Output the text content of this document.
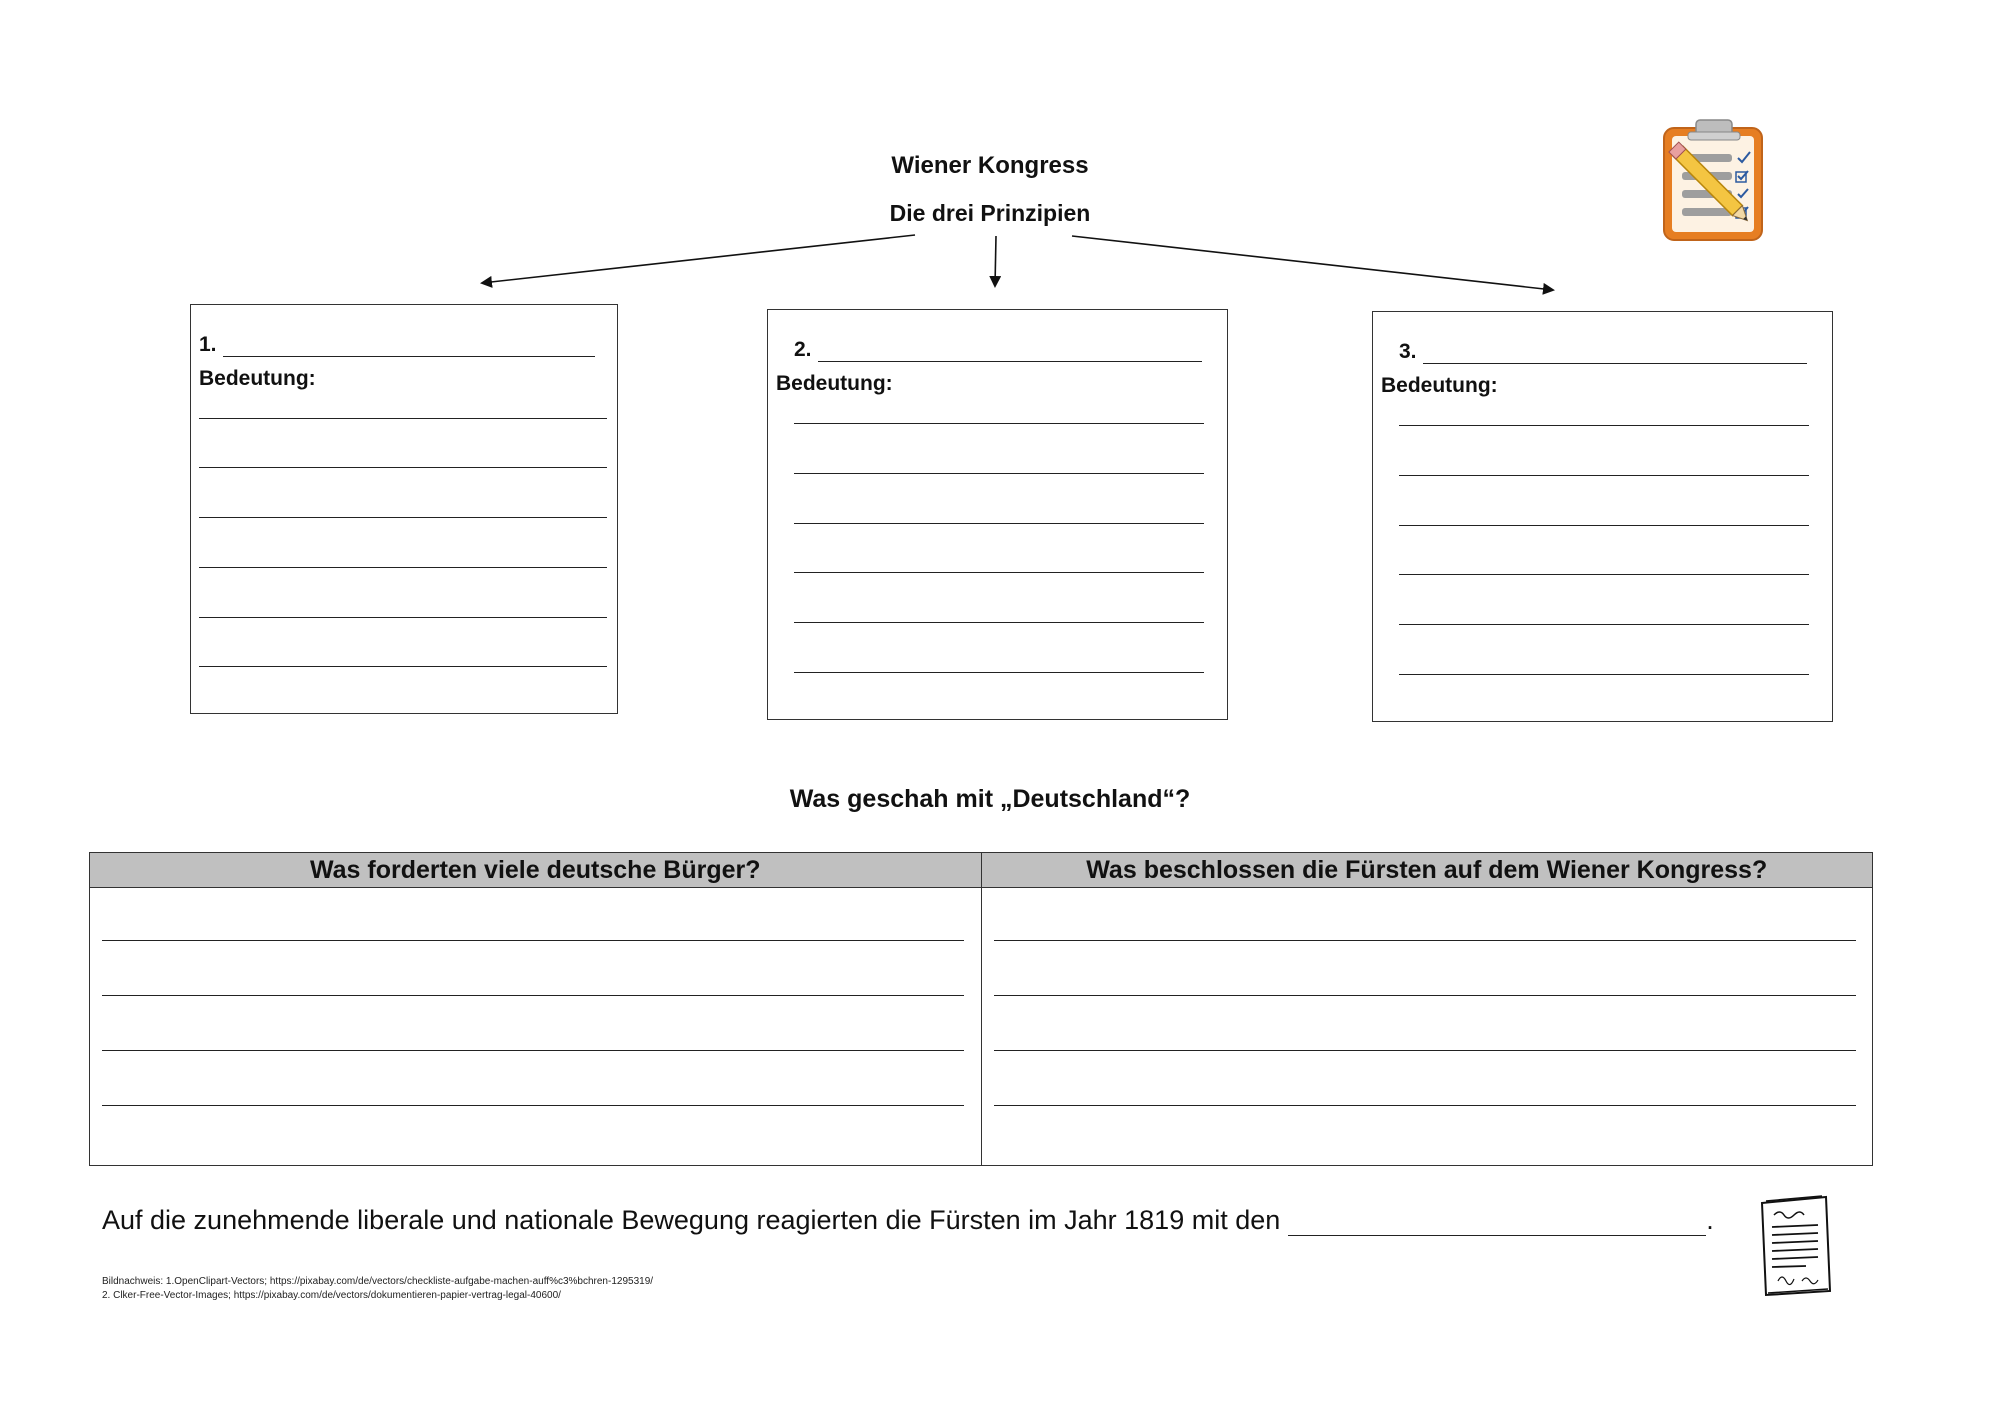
Wiener Kongress
Die drei Prinzipien
1.
Bedeutung:
2.
Bedeutung:
3.
Bedeutung:
Was geschah mit „Deutschland“?
Was forderten viele deutsche Bürger?	Was beschlossen die Fürsten auf dem Wiener Kongress?

Auf die zunehmende liberale und nationale Bewegung reagierten die Fürsten im Jahr 1819 mit den	.
Bildnachweis: 1.OpenClipart-Vectors; https://pixabay.com/de/vectors/checkliste-aufgabe-machen-auff%c3%bchren-1295319/
2. Clker-Free-Vector-Images; https://pixabay.com/de/vectors/dokumentieren-papier-vertrag-legal-40600/
